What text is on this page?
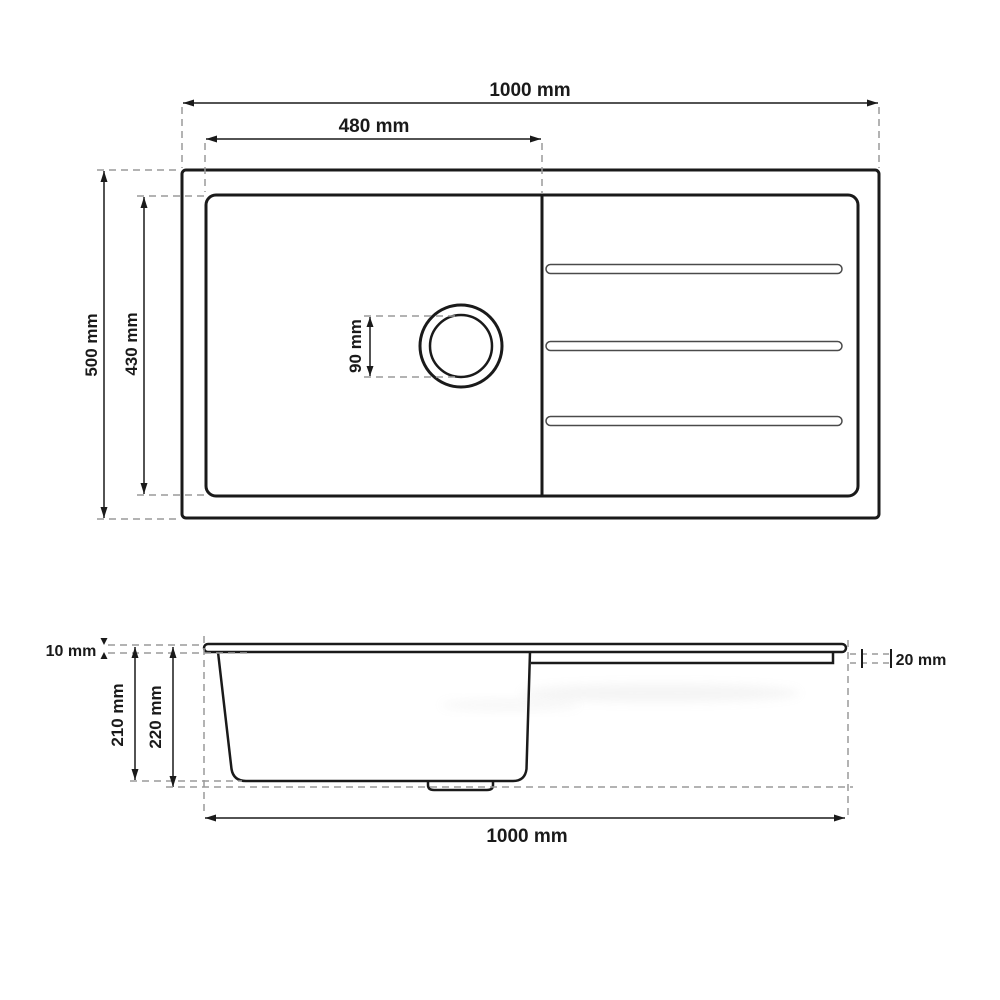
1000 mm
480 mm
500 mm 430 mm	90 mm
10 mm
210 mm 220 mm
20 mm
1000 mm
